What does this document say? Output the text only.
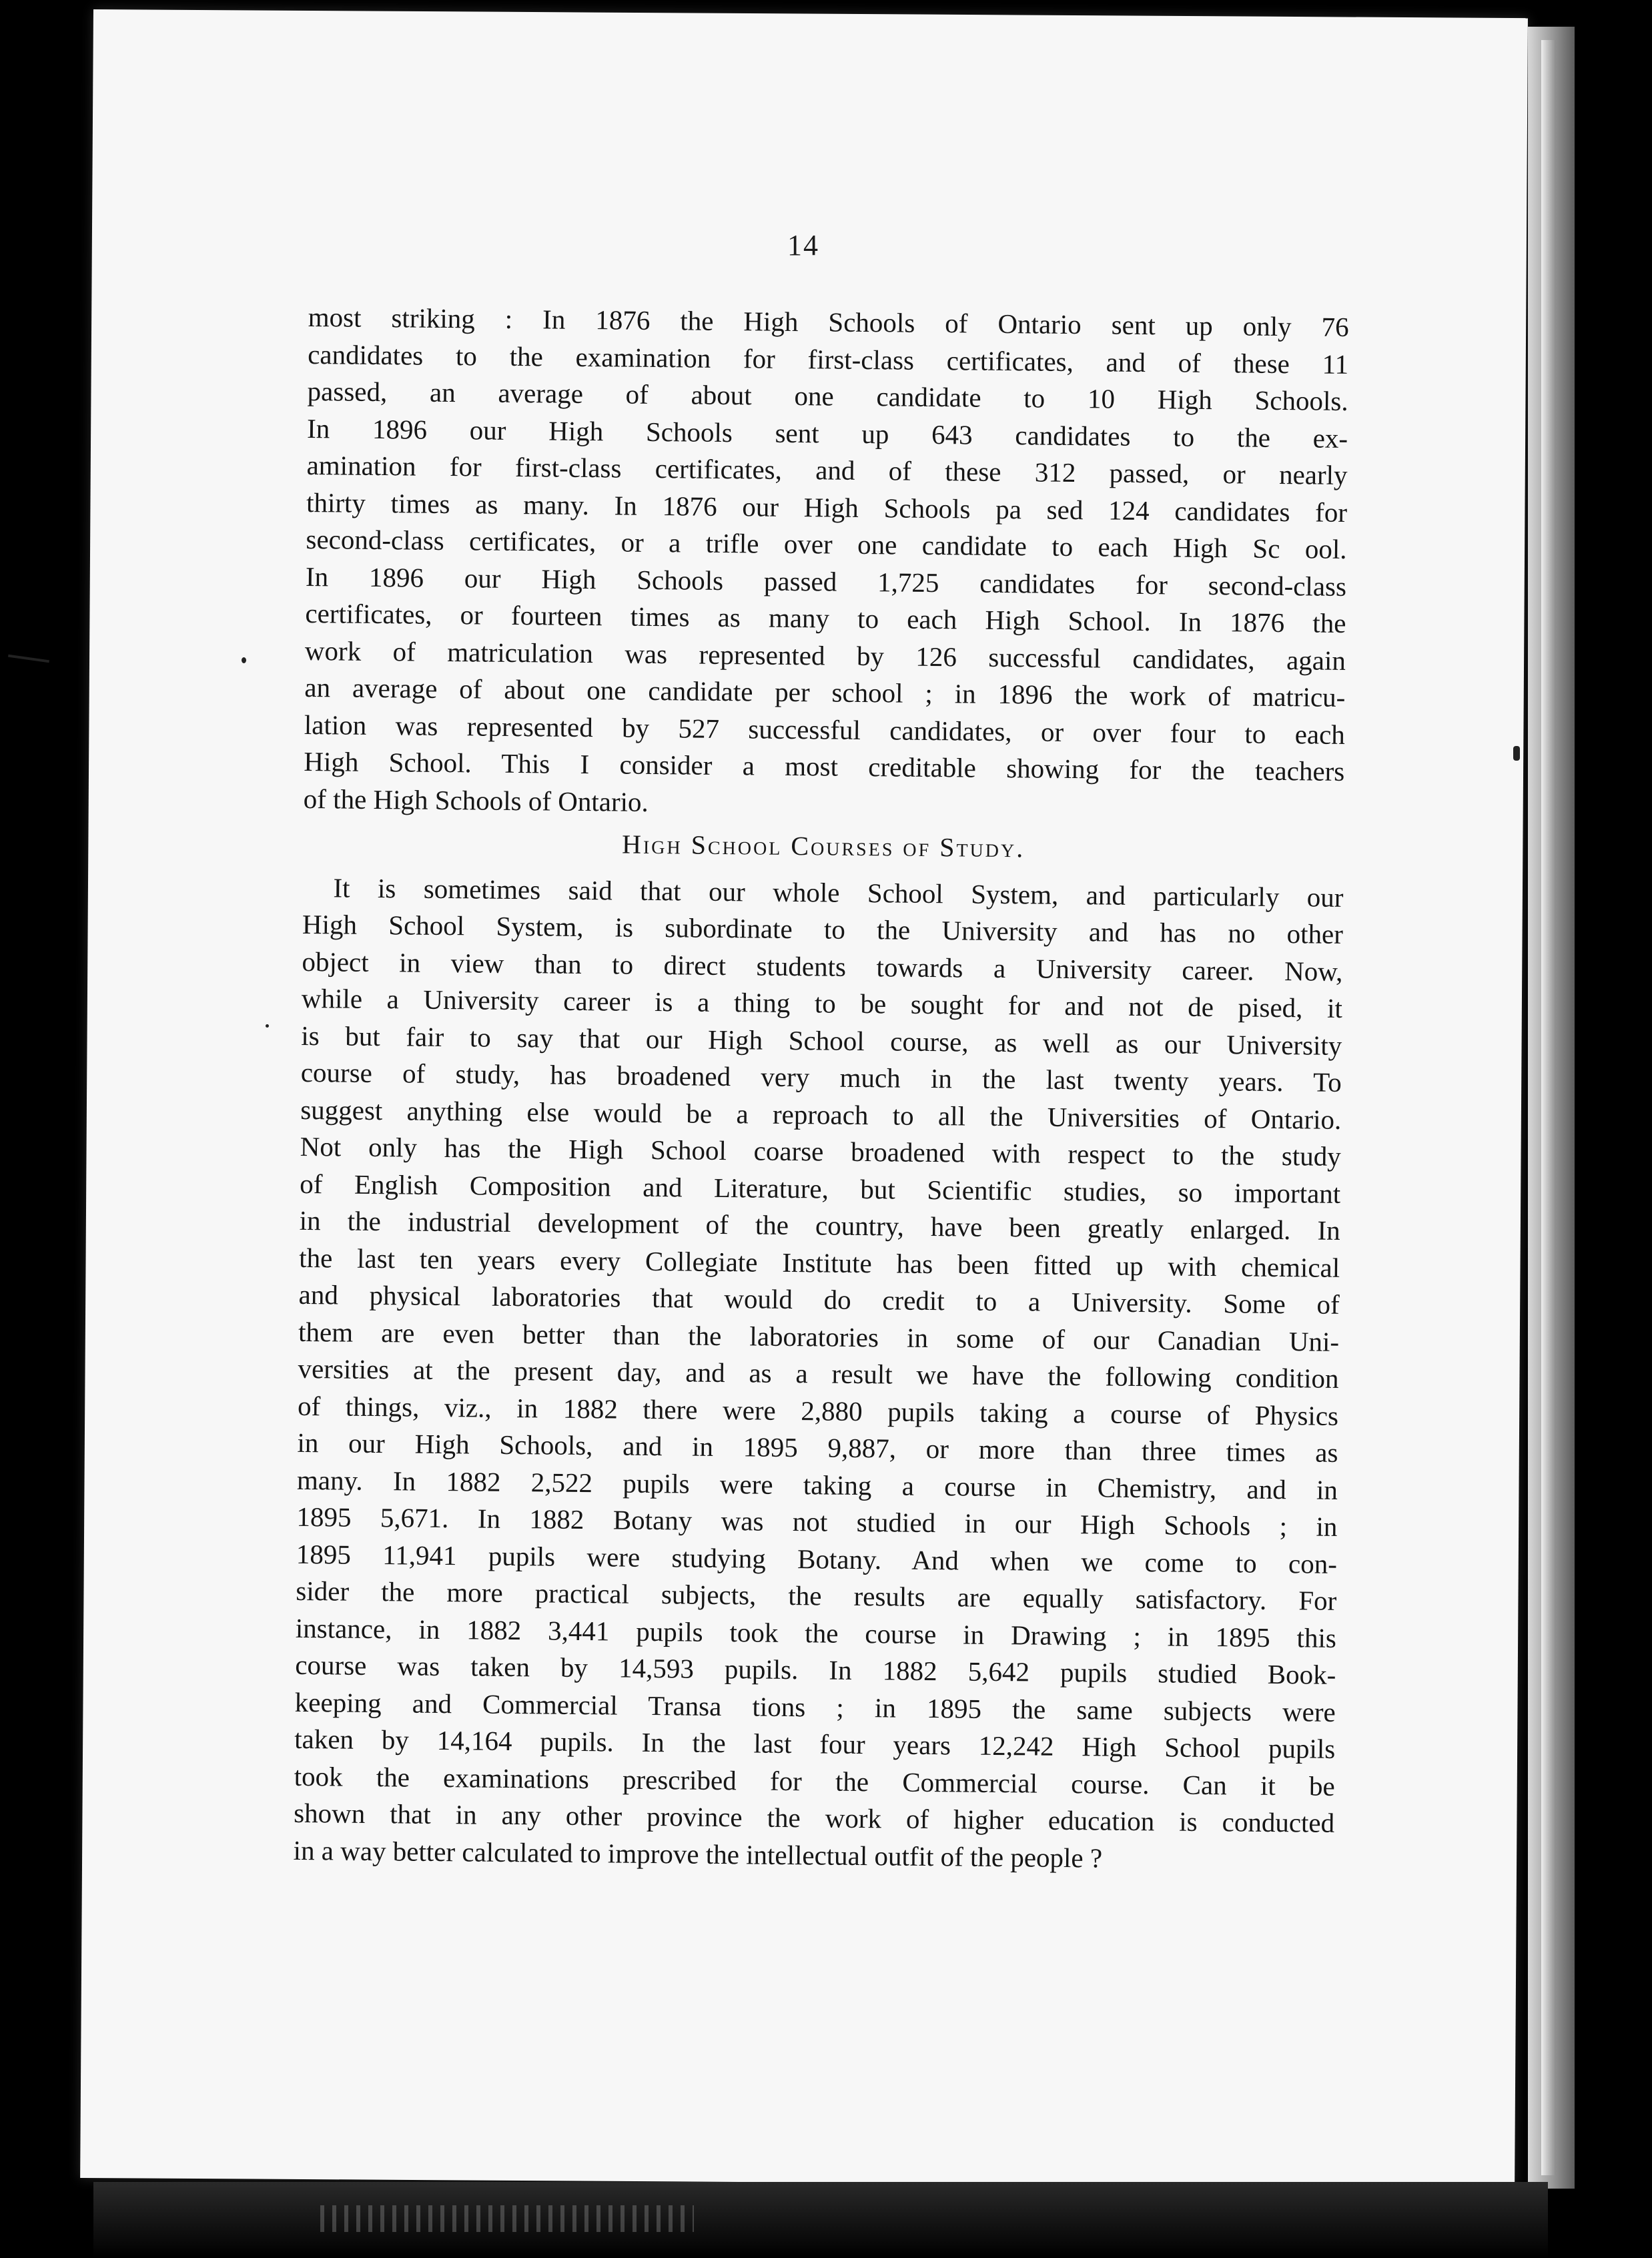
14
most striking : In 1876 the High Schools of Ontario sent up only 76
candidates to the examination for first-class certificates, and of these 11
passed, an average of about one candidate to 10 High Schools.
In 1896 our High Schools sent up 643 candidates to the ex-
amination for first-class certificates, and of these 312 passed, or nearly
thirty times as many. In 1876 our High Schools pa sed 124 candidates for
second-class certificates, or a trifle over one candidate to each High Sc ool.
In 1896 our High Schools passed 1,725 candidates for second-class
certificates, or fourteen times as many to each High School. In 1876 the
work of matriculation was represented by 126 successful candidates, again
an average of about one candidate per school ; in 1896 the work of matricu-
lation was represented by 527 successful candidates, or over four to each
High School. This I consider a most creditable showing for the teachers
of the High Schools of Ontario.
High School Courses of Study.
It is sometimes said that our whole School System, and particularly our
High School System, is subordinate to the University and has no other
object in view than to direct students towards a University career. Now,
while a University career is a thing to be sought for and not de pised, it
is but fair to say that our High School course, as well as our University
course of study, has broadened very much in the last twenty years. To
suggest anything else would be a reproach to all the Universities of Ontario.
Not only has the High School coarse broadened with respect to the study
of English Composition and Literature, but Scientific studies, so important
in the industrial development of the country, have been greatly enlarged. In
the last ten years every Collegiate Institute has been fitted up with chemical
and physical laboratories that would do credit to a University. Some of
them are even better than the laboratories in some of our Canadian Uni-
versities at the present day, and as a result we have the following condition
of things, viz., in 1882 there were 2,880 pupils taking a course of Physics
in our High Schools, and in 1895 9,887, or more than three times as
many. In 1882 2,522 pupils were taking a course in Chemistry, and in
1895 5,671. In 1882 Botany was not studied in our High Schools ; in
1895 11,941 pupils were studying Botany. And when we come to con-
sider the more practical subjects, the results are equally satisfactory. For
instance, in 1882 3,441 pupils took the course in Drawing ; in 1895 this
course was taken by 14,593 pupils. In 1882 5,642 pupils studied Book-
keeping and Commercial Transa tions ; in 1895 the same subjects were
taken by 14,164 pupils. In the last four years 12,242 High School pupils
took the examinations prescribed for the Commercial course. Can it be
shown that in any other province the work of higher education is conducted
in a way better calculated to improve the intellectual outfit of the people ?
